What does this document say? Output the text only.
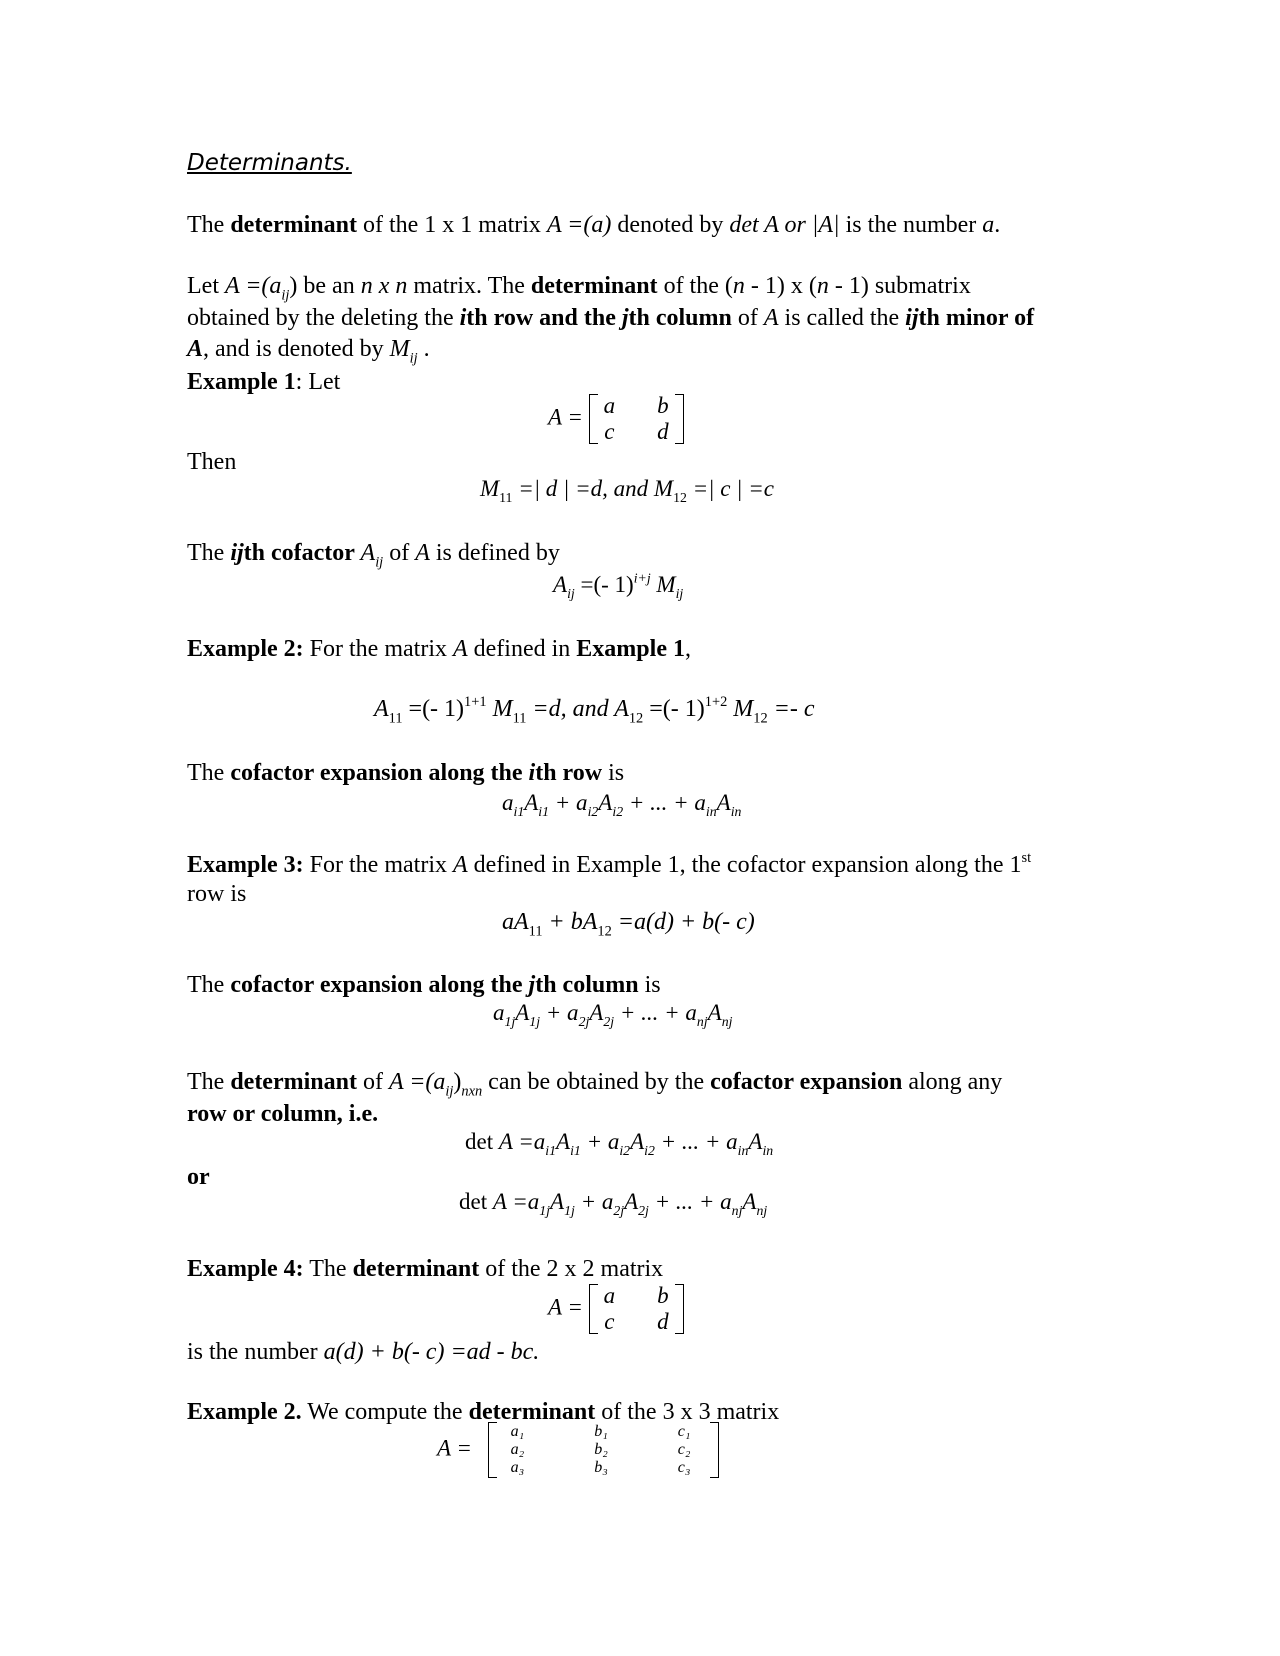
Determinants.
The determinant of the 1 x 1 matrix A =(a) denoted by det A or |A| is the number a.
Let $A =(a_{ij})$ be an n x n matrix. The determinant of the (n - 1) x (n - 1) submatrix
obtained by the deleting the ith row and the jth column of A is called the ijth minor of
A, and is denoted by $M_{ij}$ .
Example 1: Let
A = a b
c d
Then
$M_{11}$ =| d | =d, and $M_{12}$ =| c | =c
The ijth cofactor $A_{ij}$ of A is defined by
$A_{ij}$ =(- 1)$^{i+j}$ $M_{ij}$
Example 2: For the matrix A defined in Example 1,
$A_{11}$ =(- 1)$^{1+1}$ $M_{11} =d$, and $A_{12}$ =(- 1)$^{1+2}$ $M_{12} =- c$
The cofactor expansion along the ith row is
$a_{i1}A_{i1} + a_{i2}A_{i2}$ + ... + $a_{in}A_{in}$
Example 3: For the matrix A defined in Example 1, the cofactor expansion along the 1st
row is
$aA_{11} + bA_{12} =a(d) + b(-$ c)
The cofactor expansion along the jth column is
$a_{1j}A_{1j} + a_{2j}A_{2j}$ + ... + $a_{nj}A_{nj}$
The determinant of $A =(a_{ij})_{nxn}$ can be obtained by the cofactor expansion along any
row or column, i.e.
$\det A =a_{i1}A_{i1} + a_{i2}A_{i2}$ + ... + $a_{in}A_{in}$
or
$\det A =a_{1j}A_{1j} + a_{2j}A_{2j}$ + ... + $a_{nj}A_{nj}$
Example 4: The determinant of the 2 x 2 matrix
A = a b
c d
is the number a(d) + b(- c) =ad - bc.
Example 2. We compute the determinant of the 3 x 3 matrix
A =
a₁	b₁	c₁
a₂	b₂	c₂
a₃	b₃	c₃
